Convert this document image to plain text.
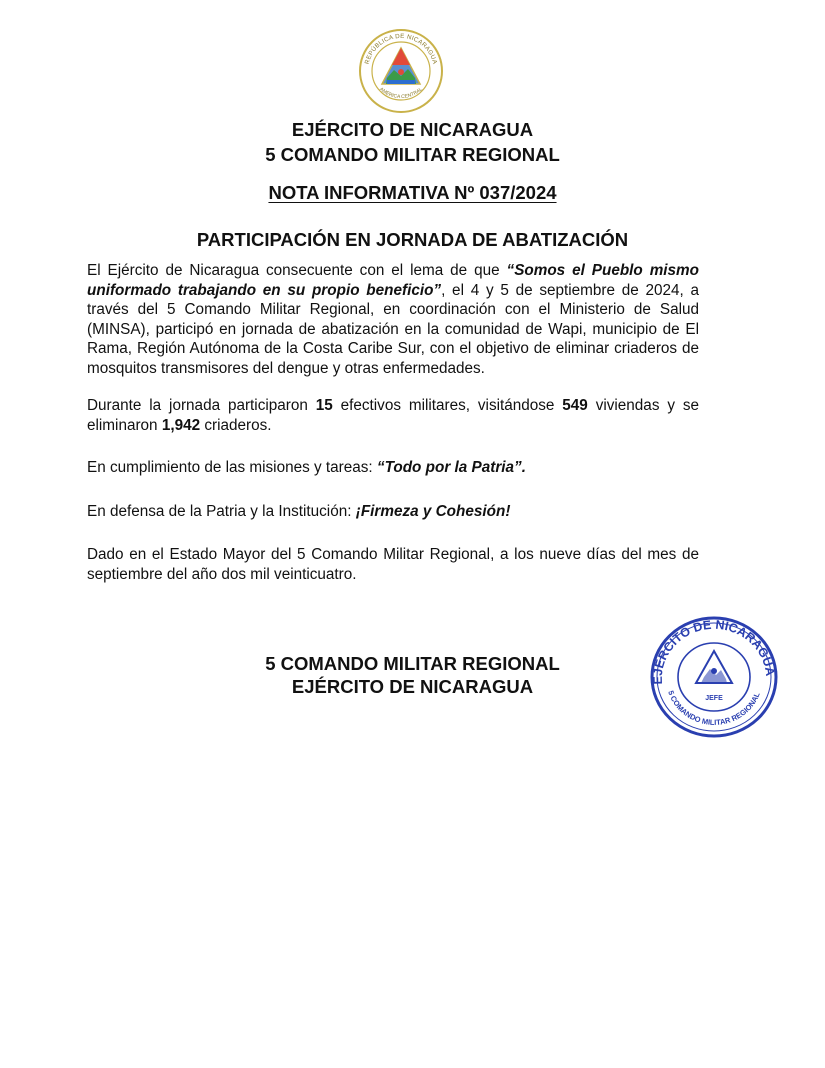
REPÚBLICA DE NICARAGUA
AMÉRICA CENTRAL
EJÉRCITO DE NICARAGUA
5 COMANDO MILITAR REGIONAL
NOTA INFORMATIVA Nº 037/2024
PARTICIPACIÓN EN JORNADA DE ABATIZACIÓN

El Ejército de Nicaragua consecuente con el lema de que “Somos el Pueblo mismo uniformado trabajando en su propio beneficio”, el 4 y 5 de septiembre de 2024, a través del 5 Comando Militar Regional, en coordinación con el Ministerio de Salud (MINSA), participó en jornada de abatización en la comunidad de Wapi, municipio de El Rama, Región Autónoma de la Costa Caribe Sur, con el objetivo de eliminar criaderos de mosquitos transmisores del dengue y otras enfermedades.

Durante la jornada participaron 15 efectivos militares, visitándose 549 viviendas y se eliminaron 1,942 criaderos.

En cumplimiento de las misiones y tareas: “Todo por la Patria”.

En defensa de la Patria y la Institución: ¡Firmeza y Cohesión!

Dado en el Estado Mayor del 5 Comando Militar Regional, a los nueve días del mes de septiembre del año dos mil veinticuatro.

5 COMANDO MILITAR REGIONAL
EJÉRCITO DE NICARAGUA	EJÉRCITO DE NICARAGUA
5 COMANDO MILITAR REGIONAL
JEFE
